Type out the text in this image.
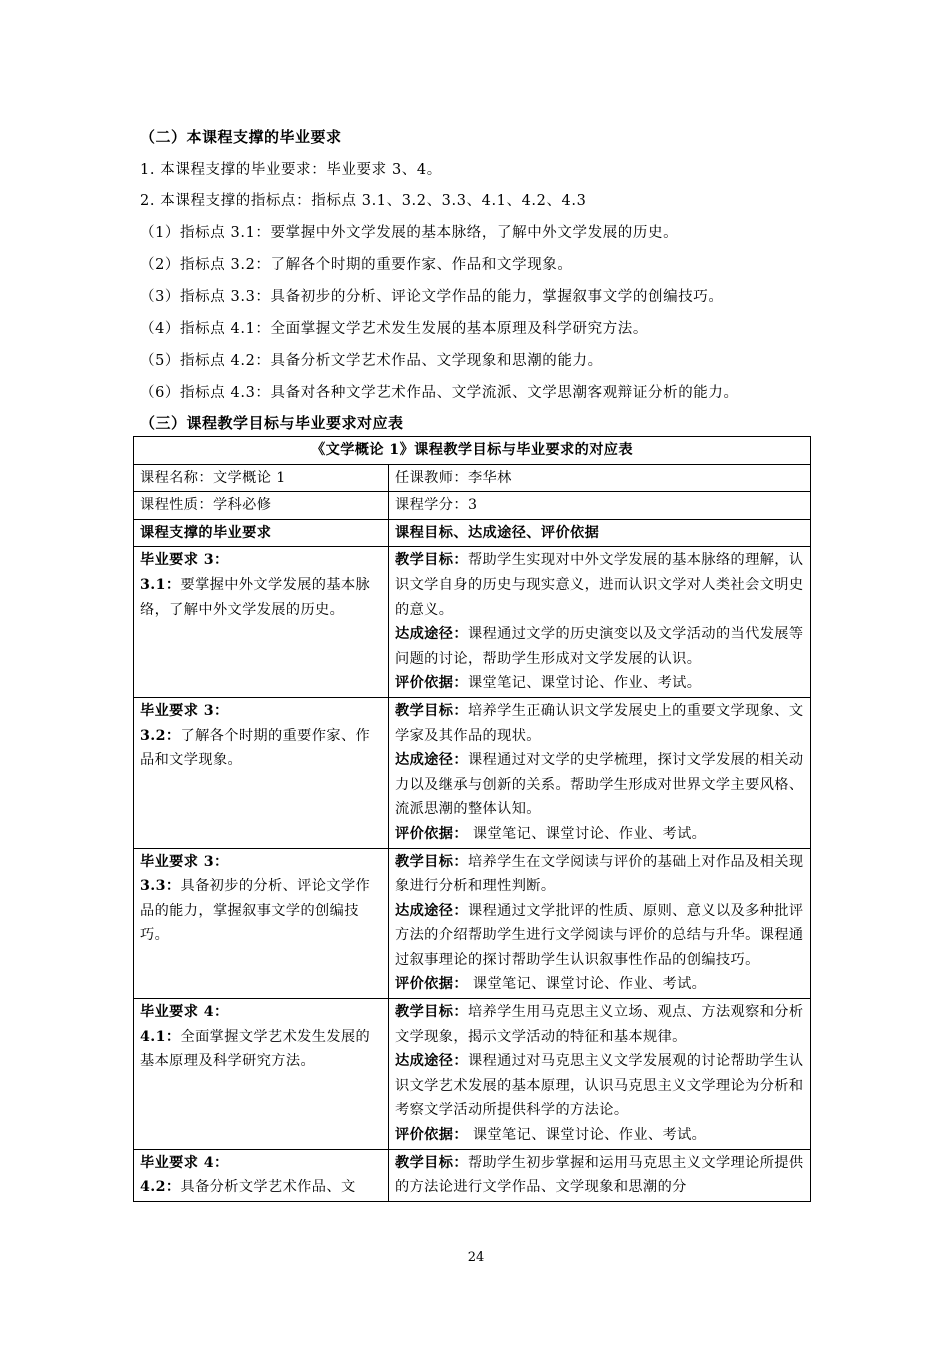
（二）本课程支撑的毕业要求
1. 本课程支撑的毕业要求：毕业要求 3、4。
2. 本课程支撑的指标点：指标点 3.1、3.2、3.3、4.1、4.2、4.3
（1）指标点 3.1：要掌握中外文学发展的基本脉络，了解中外文学发展的历史。
（2）指标点 3.2：了解各个时期的重要作家、作品和文学现象。
（3）指标点 3.3：具备初步的分析、评论文学作品的能力，掌握叙事文学的创编技巧。
（4）指标点 4.1：全面掌握文学艺术发生发展的基本原理及科学研究方法。
（5）指标点 4.2：具备分析文学艺术作品、文学现象和思潮的能力。
（6）指标点 4.3：具备对各种文学艺术作品、文学流派、文学思潮客观辩证分析的能力。
（三）课程教学目标与毕业要求对应表
《文学概论 1》课程教学目标与毕业要求的对应表	
课程名称：文学概论 1	任课教师：李华林
课程性质：学科必修	课程学分：3
课程支撑的毕业要求	课程目标、达成途径、评价依据

毕业要求 3：
3.1：要掌握中外文学发展的基本脉络，了解中外文学发展的历史。	教学目标：帮助学生实现对中外文学发展的基本脉络的理解，认识文学自身的历史与现实意义，进而认识文学对人类社会文明史的意义。
达成途径：课程通过文学的历史演变以及文学活动的当代发展等问题的讨论，帮助学生形成对文学发展的认识。
评价依据：课堂笔记、课堂讨论、作业、考试。

毕业要求 3：
3.2：了解各个时期的重要作家、作品和文学现象。	教学目标：培养学生正确认识文学发展史上的重要文学现象、文学家及其作品的现状。
达成途径：课程通过对文学的史学梳理，探讨文学发展的相关动力以及继承与创新的关系。帮助学生形成对世界文学主要风格、流派思潮的整体认知。
评价依据： 课堂笔记、课堂讨论、作业、考试。

毕业要求 3：
3.3：具备初步的分析、评论文学作品的能力，掌握叙事文学的创编技巧。	教学目标：培养学生在文学阅读与评价的基础上对作品及相关现象进行分析和理性判断。
达成途径：课程通过文学批评的性质、原则、意义以及多种批评方法的介绍帮助学生进行文学阅读与评价的总结与升华。课程通过叙事理论的探讨帮助学生认识叙事性作品的创编技巧。
评价依据： 课堂笔记、课堂讨论、作业、考试。

毕业要求 4：
4.1：全面掌握文学艺术发生发展的基本原理及科学研究方法。	教学目标：培养学生用马克思主义立场、观点、方法观察和分析文学现象，揭示文学活动的特征和基本规律。
达成途径：课程通过对马克思主义文学发展观的讨论帮助学生认识文学艺术发展的基本原理，认识马克思主义文学理论为分析和考察文学活动所提供科学的方法论。
评价依据： 课堂笔记、课堂讨论、作业、考试。

毕业要求 4：
4.2：具备分析文学艺术作品、文	教学目标：帮助学生初步掌握和运用马克思主义文学理论所提供的方法论进行文学作品、文学现象和思潮的分
24
